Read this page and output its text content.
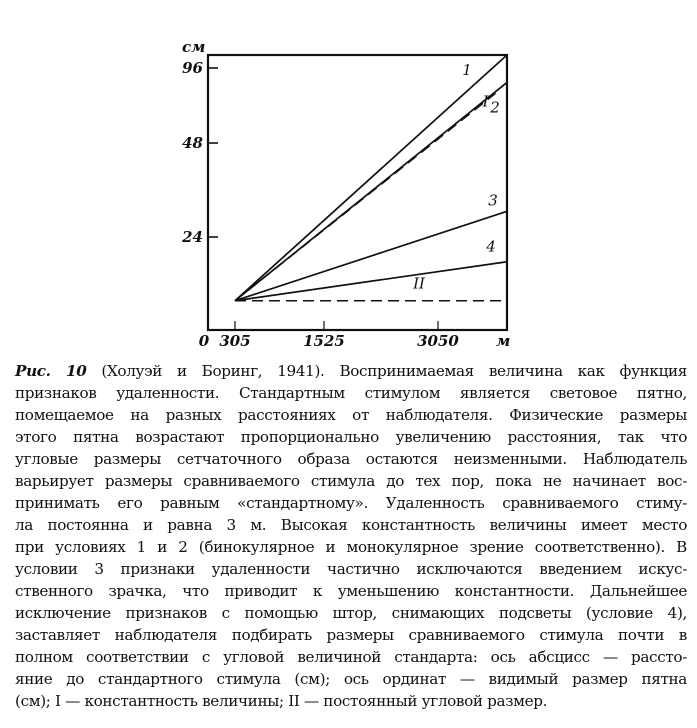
24
48
96
0 305	1525	3050
1
I 2
3
4
II
см
м
Рис. 10 (Холуэй и Боринг, 1941). Воспринимаемая величина как функция
признаков удаленности. Стандартным стимулом является световое пятно,
помещаемое на разных расстояниях от наблюдателя. Физические размеры
этого пятна возрастают пропорционально увеличению расстояния, так что
угловые размеры сетчаточного образа остаются неизменными. Наблюдатель
варьирует размеры сравниваемого стимула до тех пор, пока не начинает вос-
принимать его равным «стандартному». Удаленность сравниваемого стиму-
ла постоянна и равна 3 м. Высокая константность величины имеет место
при условиях 1 и 2 (бинокулярное и монокулярное зрение соответственно). В
условии 3 признаки удаленности частично исключаются введением искус-
ственного зрачка, что приводит к уменьшению константности. Дальнейшее
исключение признаков с помощью штор, снимающих подсветы (условие 4),
заставляет наблюдателя подбирать размеры сравниваемого стимула почти в
полном соответствии с угловой величиной стандарта: ось абсцисс — рассто-
яние до стандартного стимула (см); ось ординат — видимый размер пятна
(см); I — константность величины; II — постоянный угловой размер.
